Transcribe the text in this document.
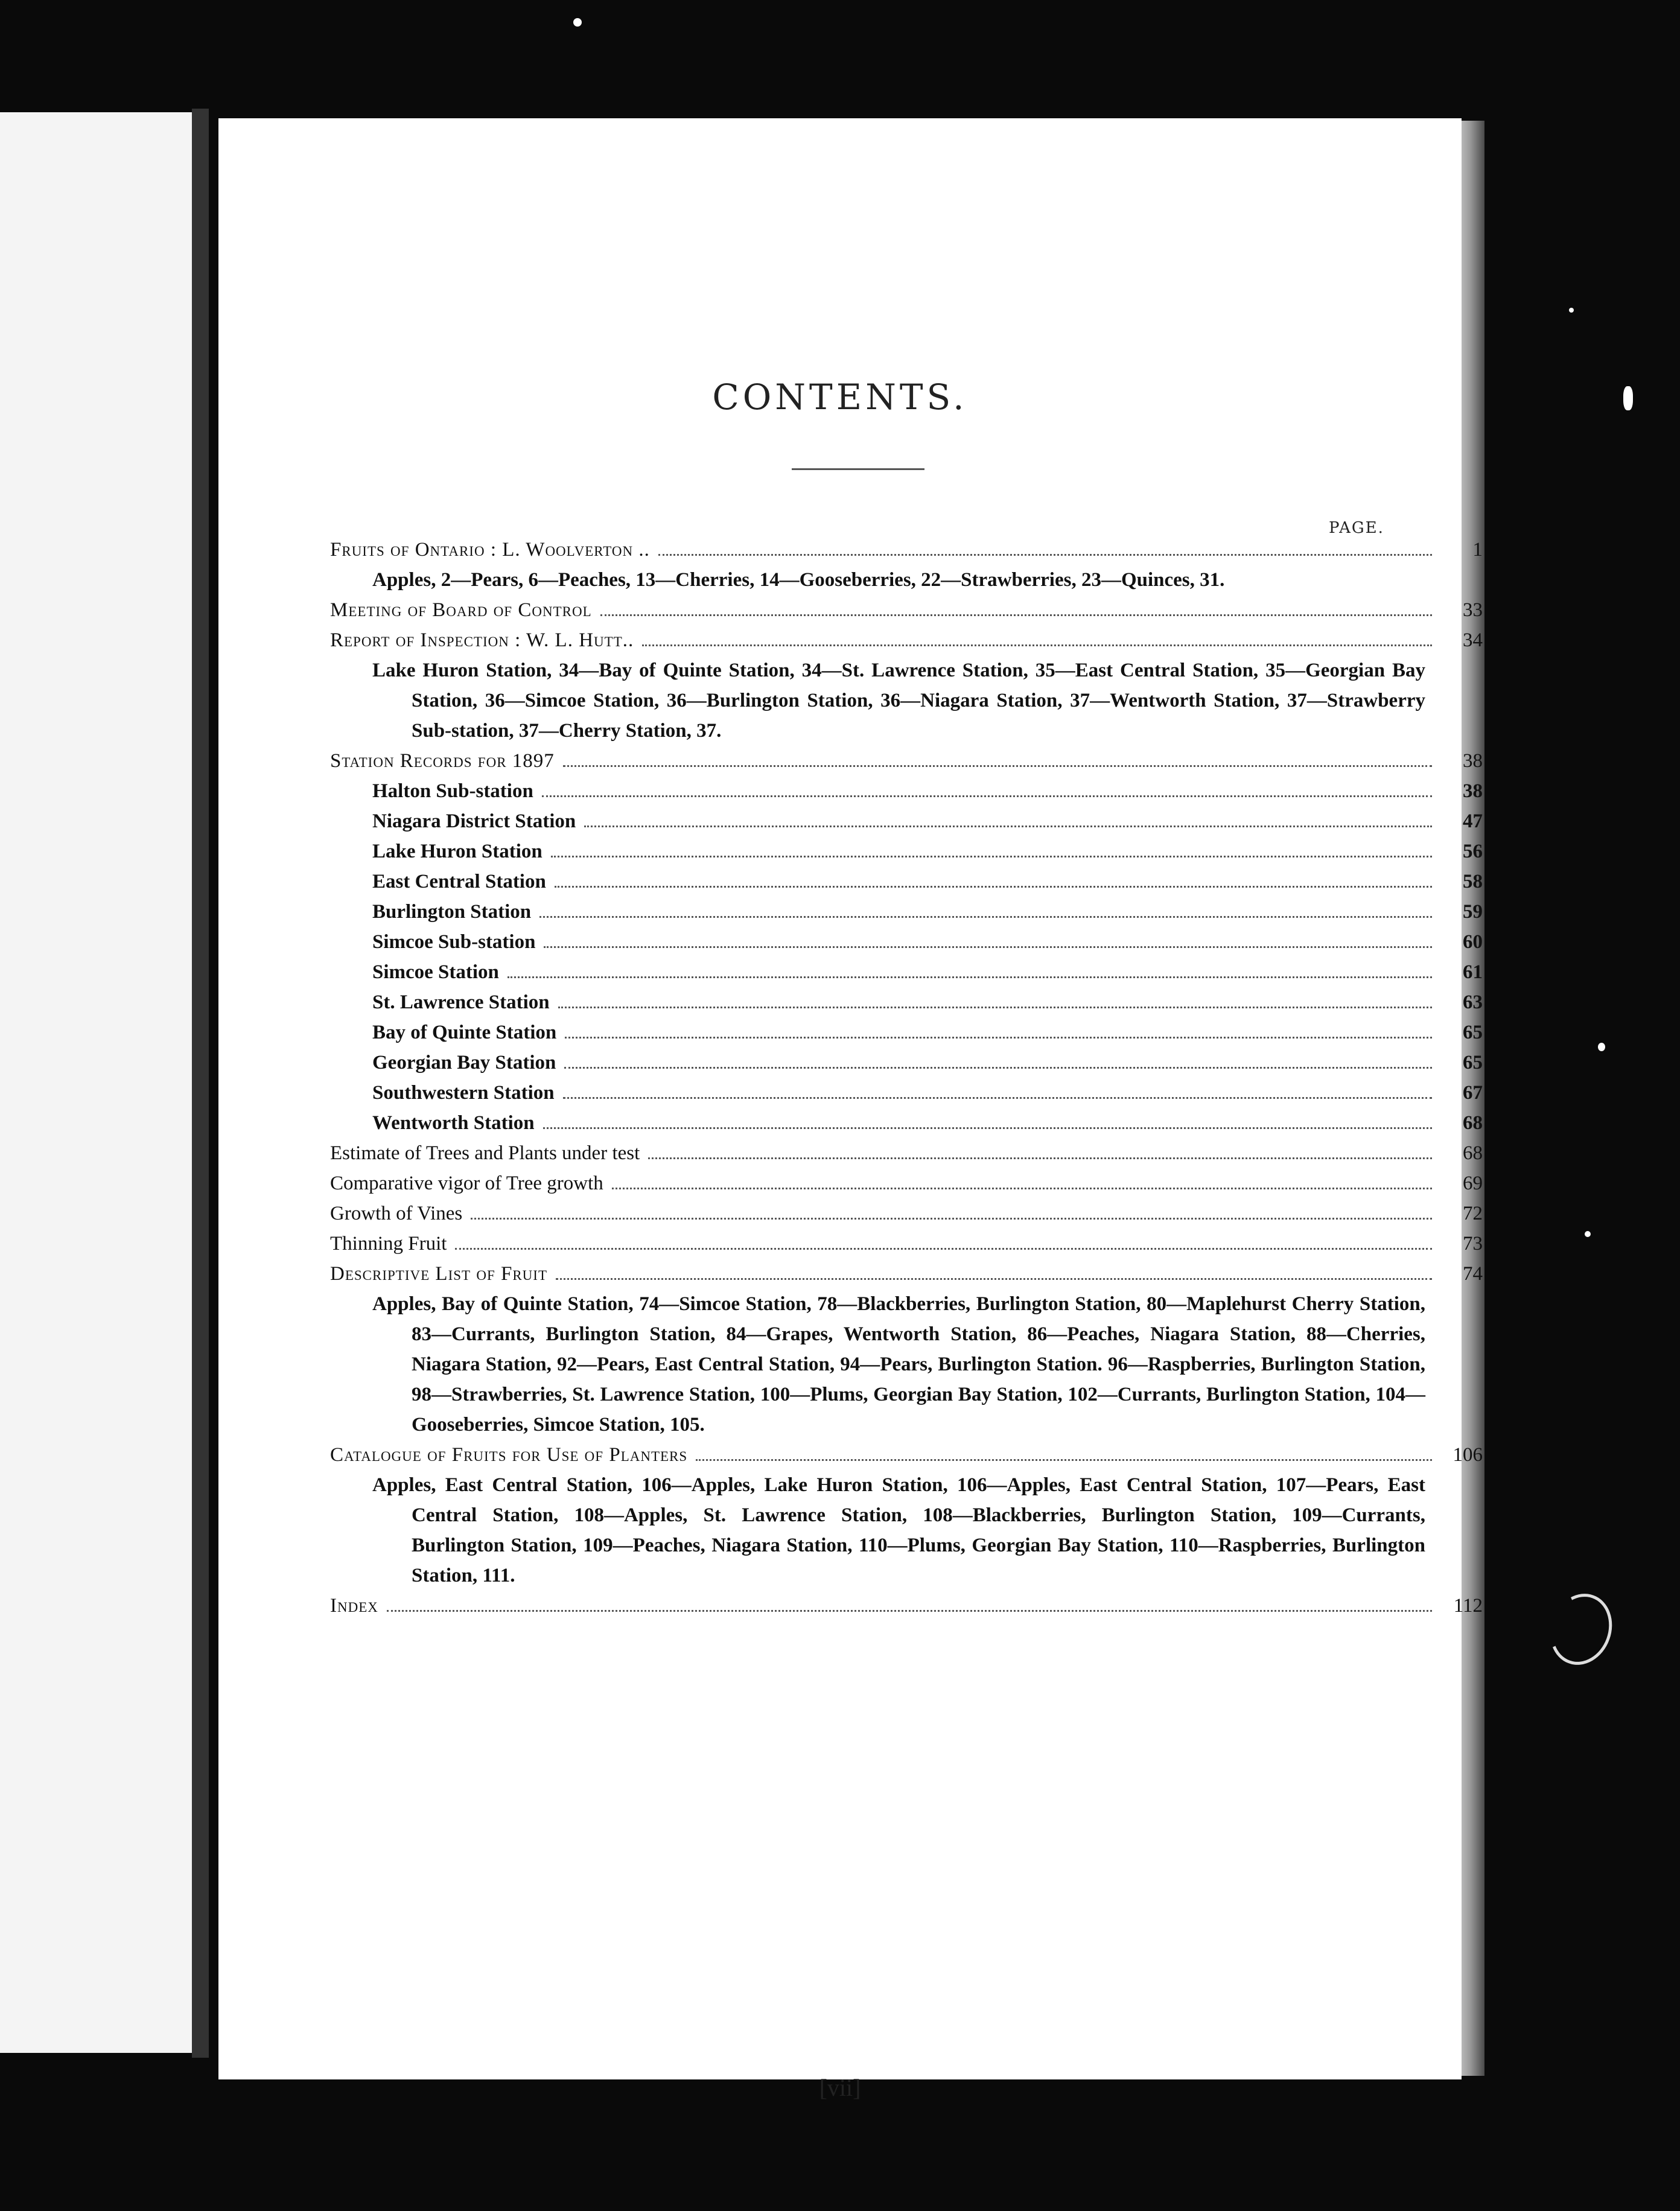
CONTENTS.
PAGE.
Fruits of Ontario : L. Woolverton ..	1
Apples, 2—Pears, 6—Peaches, 13—Cherries, 14—Gooseberries, 22—Strawberries, 23—Quinces, 31.
Meeting of Board of Control	33
Report of Inspection : W. L. Hutt..	34
Lake Huron Station, 34—Bay of Quinte Station, 34—St. Lawrence Station, 35—East Central Station, 35—Georgian Bay Station, 36—Simcoe Station, 36—Burlington Station, 36—Niagara Station, 37—Wentworth Station, 37—Strawberry Sub-station, 37—Cherry Station, 37.
Station Records for 1897	38
Halton Sub-station	38
Niagara District Station	47
Lake Huron Station	56
East Central Station	58
Burlington Station	59
Simcoe Sub-station	60
Simcoe Station	61
St. Lawrence Station	63
Bay of Quinte Station	65
Georgian Bay Station	65
Southwestern Station	67
Wentworth Station	68
Estimate of Trees and Plants under test	68
Comparative vigor of Tree growth	69
Growth of Vines	72
Thinning Fruit	73
Descriptive List of Fruit	74
Apples, Bay of Quinte Station, 74—Simcoe Station, 78—Blackberries, Burlington Station, 80—Maplehurst Cherry Station, 83—Currants, Burlington Station, 84—Grapes, Wentworth Station, 86—Peaches, Niagara Station, 88—Cherries, Niagara Station, 92—Pears, East Central Station, 94—Pears, Burlington Station. 96—Raspberries, Burlington Station, 98—Strawberries, St. Lawrence Station, 100—Plums, Georgian Bay Station, 102—Currants, Burlington Station, 104—Gooseberries, Simcoe Station, 105.
Catalogue of Fruits for Use of Planters	106
Apples, East Central Station, 106—Apples, Lake Huron Station, 106—Apples, East Central Station, 107—Pears, East Central Station, 108—Apples, St. Lawrence Station, 108—Blackberries, Burlington Station, 109—Currants, Burlington Station, 109—Peaches, Niagara Station, 110—Plums, Georgian Bay Station, 110—Raspberries, Burlington Station, 111.
Index	112
[vii]
